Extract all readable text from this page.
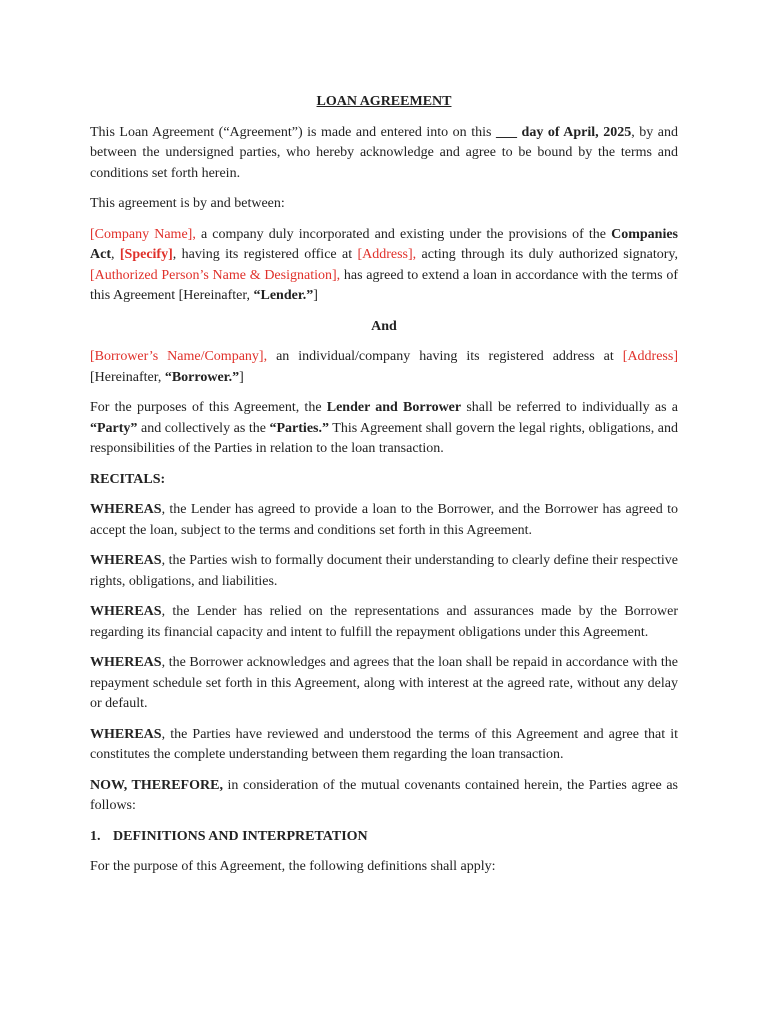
LOAN AGREEMENT

This Loan Agreement (“Agreement”) is made and entered into on this ___ day of April, 2025, by and between the undersigned parties, who hereby acknowledge and agree to be bound by the terms and conditions set forth herein.

This agreement is by and between:

[Company Name], a company duly incorporated and existing under the provisions of the Companies Act, [Specify], having its registered office at [Address], acting through its duly authorized signatory, [Authorized Person’s Name & Designation], has agreed to extend a loan in accordance with the terms of this Agreement [Hereinafter, “Lender.”]

And

[Borrower’s Name/Company], an individual/company having its registered address at [Address] [Hereinafter, “Borrower.”]

For the purposes of this Agreement, the Lender and Borrower shall be referred to individually as a “Party” and collectively as the “Parties.” This Agreement shall govern the legal rights, obligations, and responsibilities of the Parties in relation to the loan transaction.

RECITALS:

WHEREAS, the Lender has agreed to provide a loan to the Borrower, and the Borrower has agreed to accept the loan, subject to the terms and conditions set forth in this Agreement.

WHEREAS, the Parties wish to formally document their understanding to clearly define their respective rights, obligations, and liabilities.

WHEREAS, the Lender has relied on the representations and assurances made by the Borrower regarding its financial capacity and intent to fulfill the repayment obligations under this Agreement.

WHEREAS, the Borrower acknowledges and agrees that the loan shall be repaid in accordance with the repayment schedule set forth in this Agreement, along with interest at the agreed rate, without any delay or default.

WHEREAS, the Parties have reviewed and understood the terms of this Agreement and agree that it constitutes the complete understanding between them regarding the loan transaction.

NOW, THEREFORE, in consideration of the mutual covenants contained herein, the Parties agree as follows:

1. DEFINITIONS AND INTERPRETATION

For the purpose of this Agreement, the following definitions shall apply:
